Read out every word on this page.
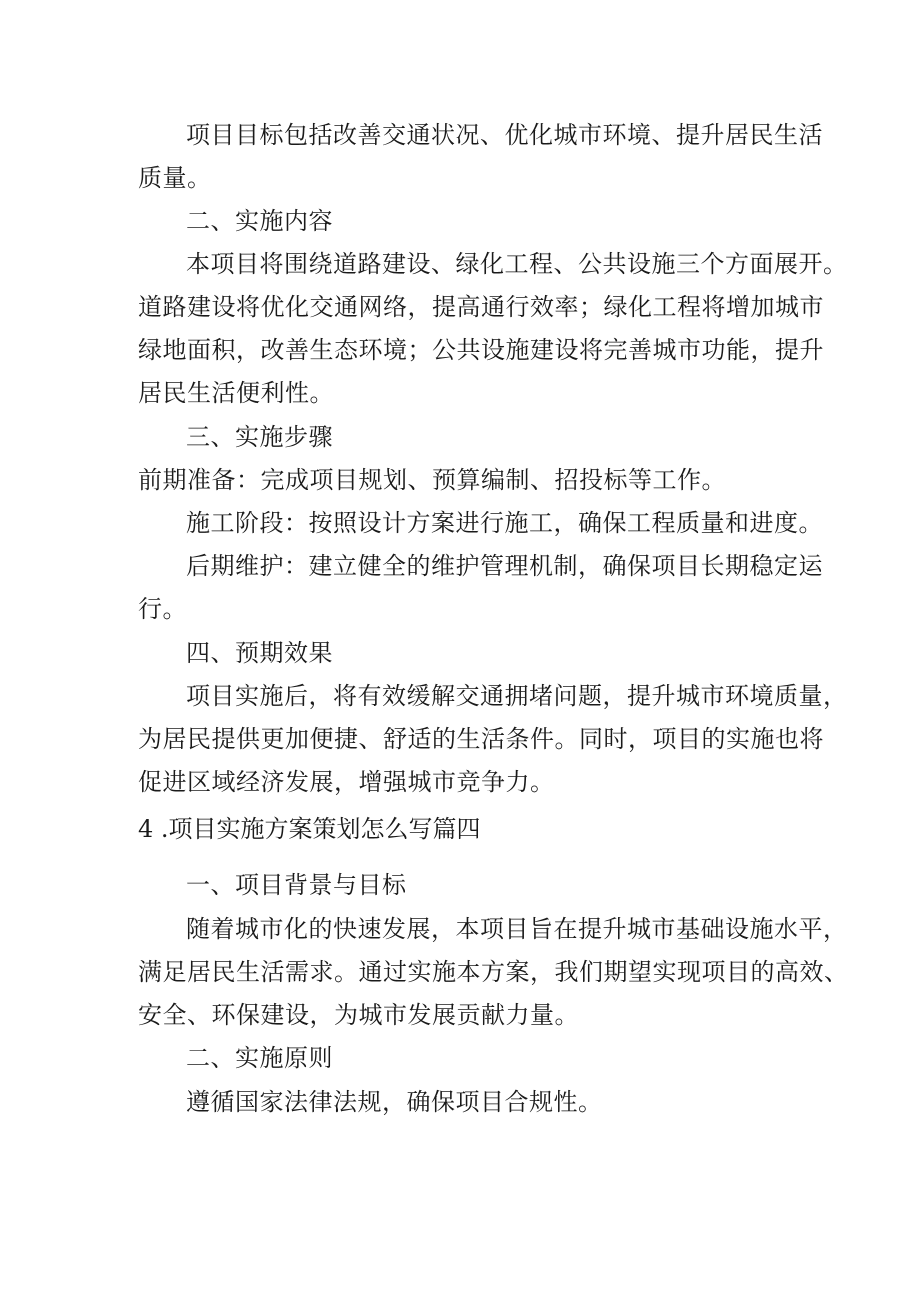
项目目标包括改善交通状况、优化城市环境、提升居民生活
质量。
二、实施内容
本项目将围绕道路建设、绿化工程、公共设施三个方面展开。
道路建设将优化交通网络，提高通行效率；绿化工程将增加城市
绿地面积，改善生态环境；公共设施建设将完善城市功能，提升
居民生活便利性。
三、实施步骤
前期准备：完成项目规划、预算编制、招投标等工作。
施工阶段：按照设计方案进行施工，确保工程质量和进度。
后期维护：建立健全的维护管理机制，确保项目长期稳定运
行。
四、预期效果
项目实施后，将有效缓解交通拥堵问题，提升城市环境质量，
为居民提供更加便捷、舒适的生活条件。同时，项目的实施也将
促进区域经济发展，增强城市竞争力。
4 .项目实施方案策划怎么写篇四
一、项目背景与目标
随着城市化的快速发展，本项目旨在提升城市基础设施水平，
满足居民生活需求。通过实施本方案，我们期望实现项目的高效、
安全、环保建设，为城市发展贡献力量。
二、实施原则
遵循国家法律法规，确保项目合规性。
